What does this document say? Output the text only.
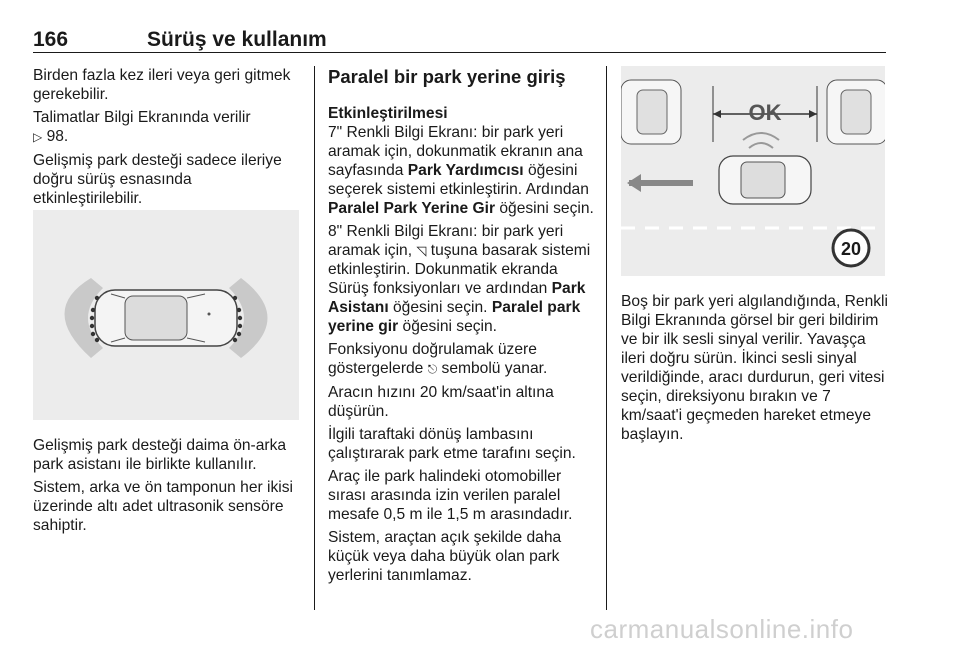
166	Sürüş ve kullanım

Birden fazla kez ileri veya geri gitmek gerekebilir.

Talimatlar Bilgi Ekranında verilir
▷ 98.

Gelişmiş park desteği sadece ileriye doğru sürüş esnasında etkinleştirilebilir.

Gelişmiş park desteği daima ön-arka park asistanı ile birlikte kullanılır.

Sistem, arka ve ön tamponun her ikisi üzerinde altı adet ultrasonik sensöre sahiptir.

Paralel bir park yerine giriş
Etkinleştirilmesi

7" Renkli Bilgi Ekranı: bir park yeri aramak için, dokunmatik ekranın ana sayfasında Park Yardımcısı öğesini seçerek sistemi etkinleştirin. Ardından Paralel Park Yerine Gir öğesini seçin.

8" Renkli Bilgi Ekranı: bir park yeri aramak için, ◹ tuşuna basarak sistemi etkinleştirin. Dokunmatik ekranda Sürüş fonksiyonları ve ardından Park Asistanı öğesini seçin. Paralel park yerine gir öğesini seçin.

Fonksiyonu doğrulamak üzere göstergelerde ⎋ sembolü yanar.

Aracın hızını 20 km/saat'in altına düşürün.

İlgili taraftaki dönüş lambasını çalıştırarak park etme tarafını seçin.

Araç ile park halindeki otomobiller sırası arasında izin verilen paralel mesafe 0,5 m ile 1,5 m arasındadır.

Sistem, araçtan açık şekilde daha küçük veya daha büyük olan park yerlerini tanımlamaz.

OK
20

Boş bir park yeri algılandığında, Renkli Bilgi Ekranında görsel bir geri bildirim ve bir ilk sesli sinyal verilir. Yavaşça ileri doğru sürün. İkinci sesli sinyal verildiğinde, aracı durdurun, geri vitesi seçin, direksiyonu bırakın ve 7 km/saat'i geçmeden hareket etmeye başlayın.

carmanualsonline.info
